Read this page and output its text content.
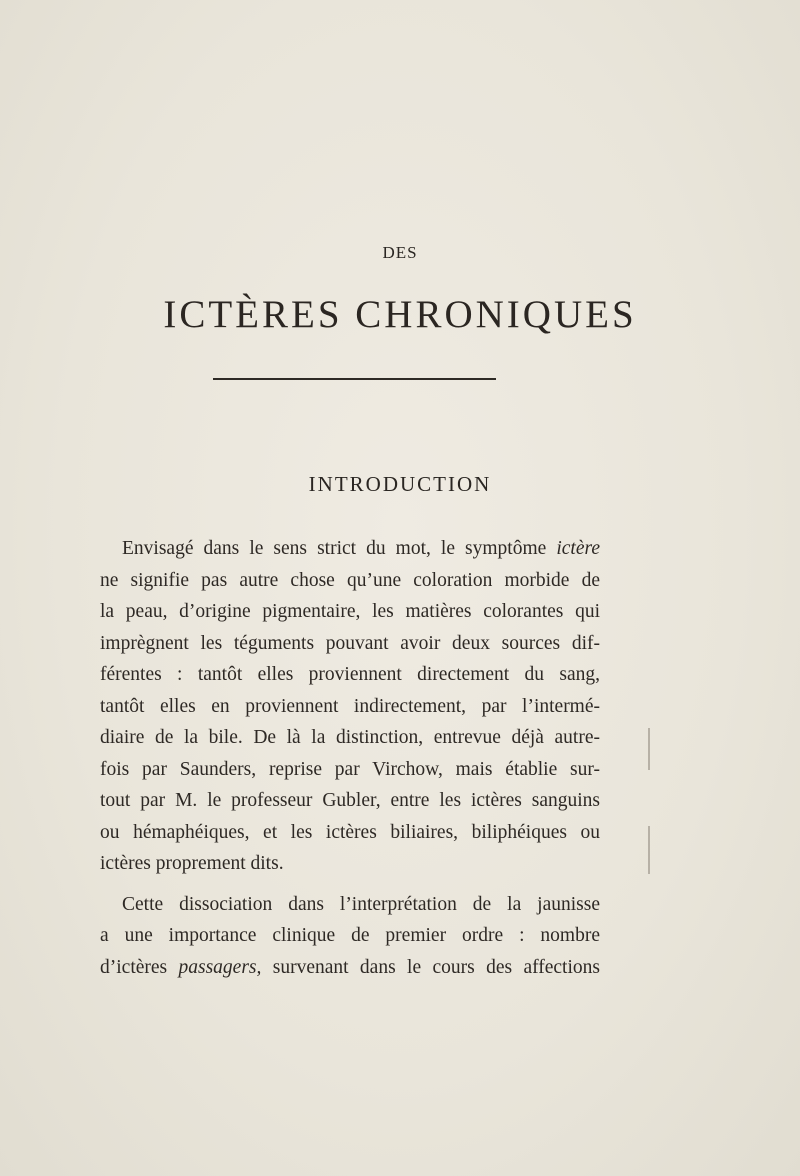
DES
ICTÈRES CHRONIQUES
INTRODUCTION

Envisagé dans le sens strict du mot, le symptôme ictère
ne signifie pas autre chose qu’une coloration morbide de
la peau, d’origine pigmentaire, les matières colorantes qui
imprègnent les téguments pouvant avoir deux sources dif-
férentes : tantôt elles proviennent directement du sang,
tantôt elles en proviennent indirectement, par l’intermé-
diaire de la bile. De là la distinction, entrevue déjà autre-
fois par Saunders, reprise par Virchow, mais établie sur-
tout par M. le professeur Gubler, entre les ictères sanguins
ou hémaphéiques, et les ictères biliaires, biliphéiques ou
ictères proprement dits.

Cette dissociation dans l’interprétation de la jaunisse
a une importance clinique de premier ordre : nombre
d’ictères passagers, survenant dans le cours des affections
